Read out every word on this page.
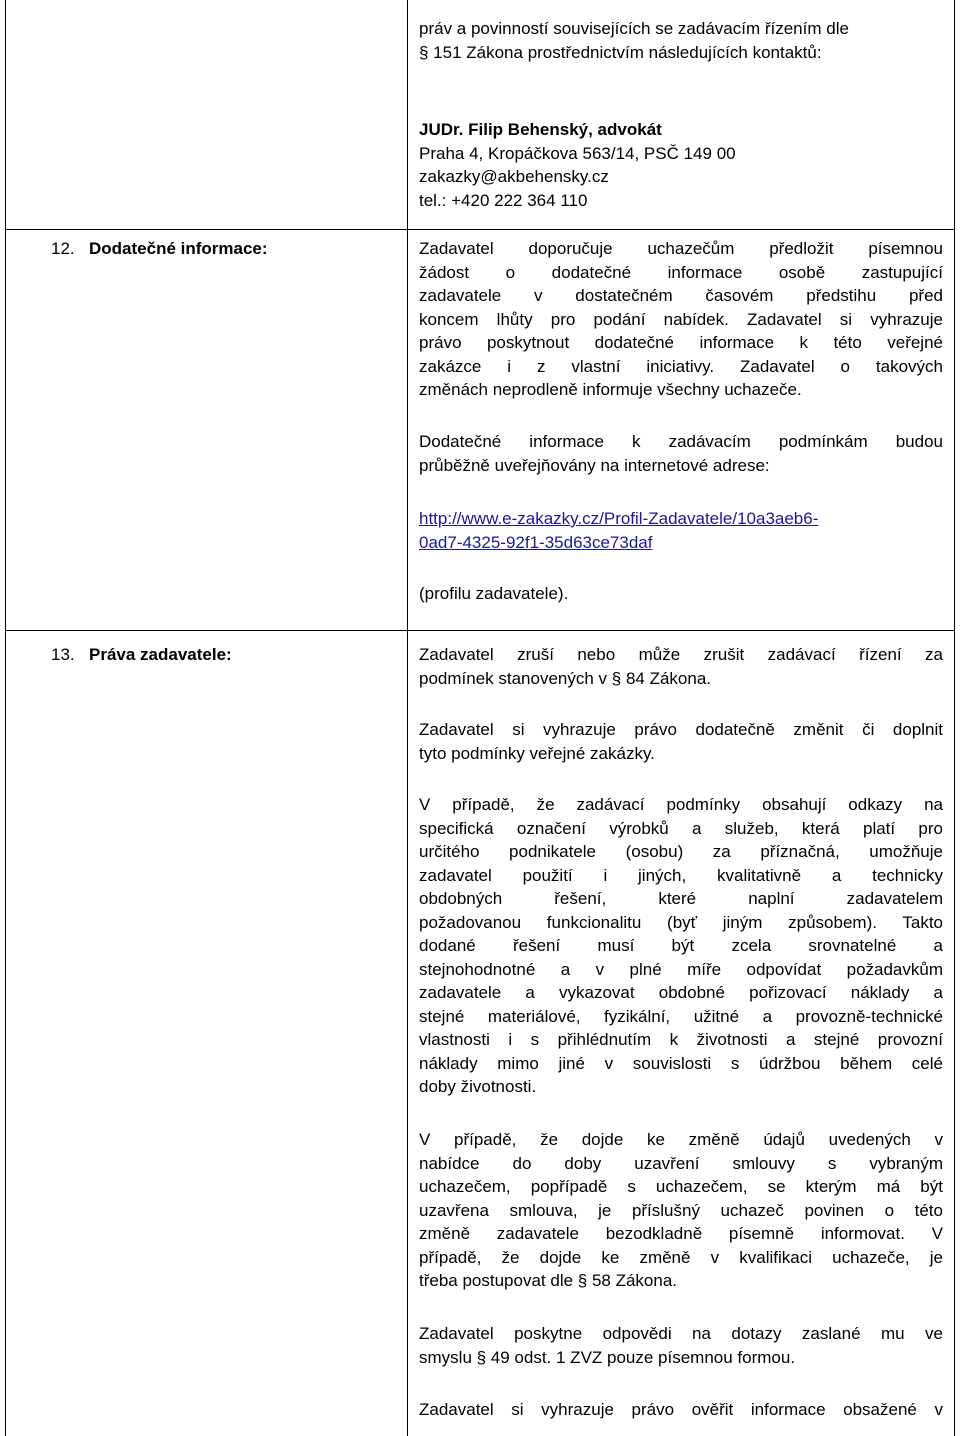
práv a povinností souvisejících se zadávacím řízením dle

§ 151 Zákona prostřednictvím následujících kontaktů:

JUDr. Filip Behenský, advokát

Praha 4, Kropáčkova 563/14, PSČ 149 00

zakazky@akbehensky.cz

tel.: +420 222 364 110

12. Dodatečné informace:	Zadavatel doporučuje uchazečům předložit písemnou

žádost o dodatečné informace osobě zastupující

zadavatele v dostatečném časovém předstihu před

koncem lhůty pro podání nabídek. Zadavatel si vyhrazuje

právo poskytnout dodatečné informace k této veřejné

zakázce i z vlastní iniciativy. Zadavatel o takových

změnách neprodleně informuje všechny uchazeče.

Dodatečné informace k zadávacím podmínkám budou

průběžně uveřejňovány na internetové adrese:

http://www.e-zakazky.cz/Profil-Zadavatele/10a3aeb6-

0ad7-4325-92f1-35d63ce73daf

(profilu zadavatele).
13. Práva zadavatele:	Zadavatel zruší nebo může zrušit zadávací řízení za

podmínek stanovených v § 84 Zákona.

Zadavatel si vyhrazuje právo dodatečně změnit či doplnit

tyto podmínky veřejné zakázky.

V případě, že zadávací podmínky obsahují odkazy na

specifická označení výrobků a služeb, která platí pro

určitého podnikatele (osobu) za příznačná, umožňuje

zadavatel použití i jiných, kvalitativně a technicky

obdobných řešení, které naplní zadavatelem

požadovanou funkcionalitu (byť jiným způsobem). Takto

dodané řešení musí být zcela srovnatelné a

stejnohodnotné a v plné míře odpovídat požadavkům

zadavatele a vykazovat obdobné pořizovací náklady a

stejné materiálové, fyzikální, užitné a provozně-technické

vlastnosti i s přihlédnutím k životnosti a stejné provozní

náklady mimo jiné v souvislosti s údržbou během celé

doby životnosti.

V případě, že dojde ke změně údajů uvedených v

nabídce do doby uzavření smlouvy s vybraným

uchazečem, popřípadě s uchazečem, se kterým má být

uzavřena smlouva, je příslušný uchazeč povinen o této

změně zadavatele bezodkladně písemně informovat. V

případě, že dojde ke změně v kvalifikaci uchazeče, je

třeba postupovat dle § 58 Zákona.

Zadavatel poskytne odpovědi na dotazy zaslané mu ve

smyslu § 49 odst. 1 ZVZ pouze písemnou formou.

Zadavatel si vyhrazuje právo ověřit informace obsažené v
